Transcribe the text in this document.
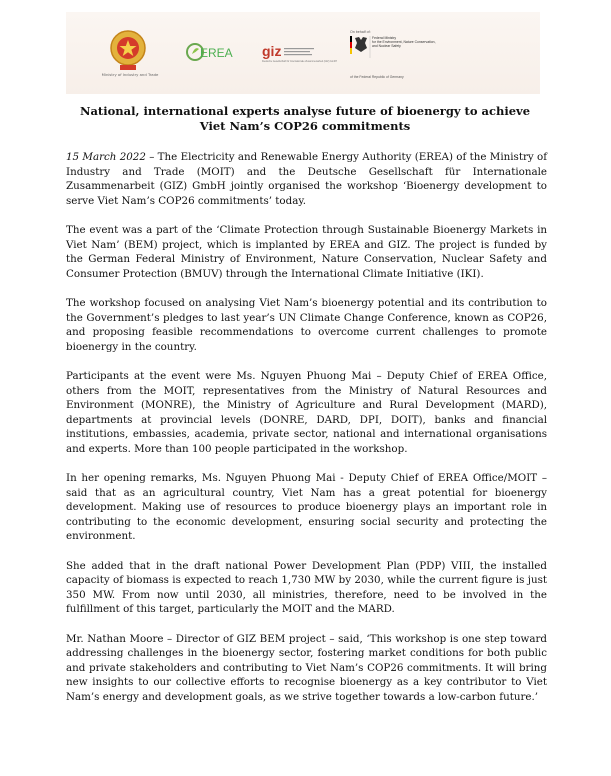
Ministry of Industry and Trade
EREA giz
Deutsche Gesellschaft für Internationale Zusammenarbeit (GIZ) GmbH
On behalf of:
Federal Ministry
for the Environment, Nature Conservation,
and Nuclear Safety
of the Federal Republic of Germany
National, international experts analyse future of bioenergy to achieve Viet Nam’s COP26 commitments

15 March 2022 – The Electricity and Renewable Energy Authority (EREA) of the Ministry of Industry and Trade (MOIT) and the Deutsche Gesellschaft für Internationale Zusammenarbeit (GIZ) GmbH jointly organised the workshop ‘Bioenergy development to serve Viet Nam’s COP26 commitments’ today.

The event was a part of the ‘Climate Protection through Sustainable Bioenergy Markets in Viet Nam’ (BEM) project, which is implanted by EREA and GIZ. The project is funded by the German Federal Ministry of Environment, Nature Conservation, Nuclear Safety and Consumer Protection (BMUV) through the International Climate Initiative (IKI).

The workshop focused on analysing Viet Nam’s bioenergy potential and its contribution to the Government’s pledges to last year’s UN Climate Change Conference, known as COP26, and proposing feasible recommendations to overcome current challenges to promote bioenergy in the country.

Participants at the event were Ms. Nguyen Phuong Mai – Deputy Chief of EREA Office, others from the MOIT, representatives from the Ministry of Natural Resources and Environment (MONRE), the Ministry of Agriculture and Rural Development (MARD), departments at provincial levels (DONRE, DARD, DPI, DOIT), banks and financial institutions, embassies, academia, private sector, national and international organisations and experts. More than 100 people participated in the workshop.

In her opening remarks, Ms. Nguyen Phuong Mai - Deputy Chief of EREA Office/MOIT – said that as an agricultural country, Viet Nam has a great potential for bioenergy development. Making use of resources to produce bioenergy plays an important role in contributing to the economic development, ensuring social security and protecting the environment.

She added that in the draft national Power Development Plan (PDP) VIII, the installed capacity of biomass is expected to reach 1,730 MW by 2030, while the current figure is just 350 MW. From now until 2030, all ministries, therefore, need to be involved in the fulfillment of this target, particularly the MOIT and the MARD.

Mr. Nathan Moore – Director of GIZ BEM project – said, ‘This workshop is one step toward addressing challenges in the bioenergy sector, fostering market conditions for both public and private stakeholders and contributing to Viet Nam’s COP26 commitments. It will bring new insights to our collective efforts to recognise bioenergy as a key contributor to Viet Nam’s energy and development goals, as we strive together towards a low-carbon future.’
